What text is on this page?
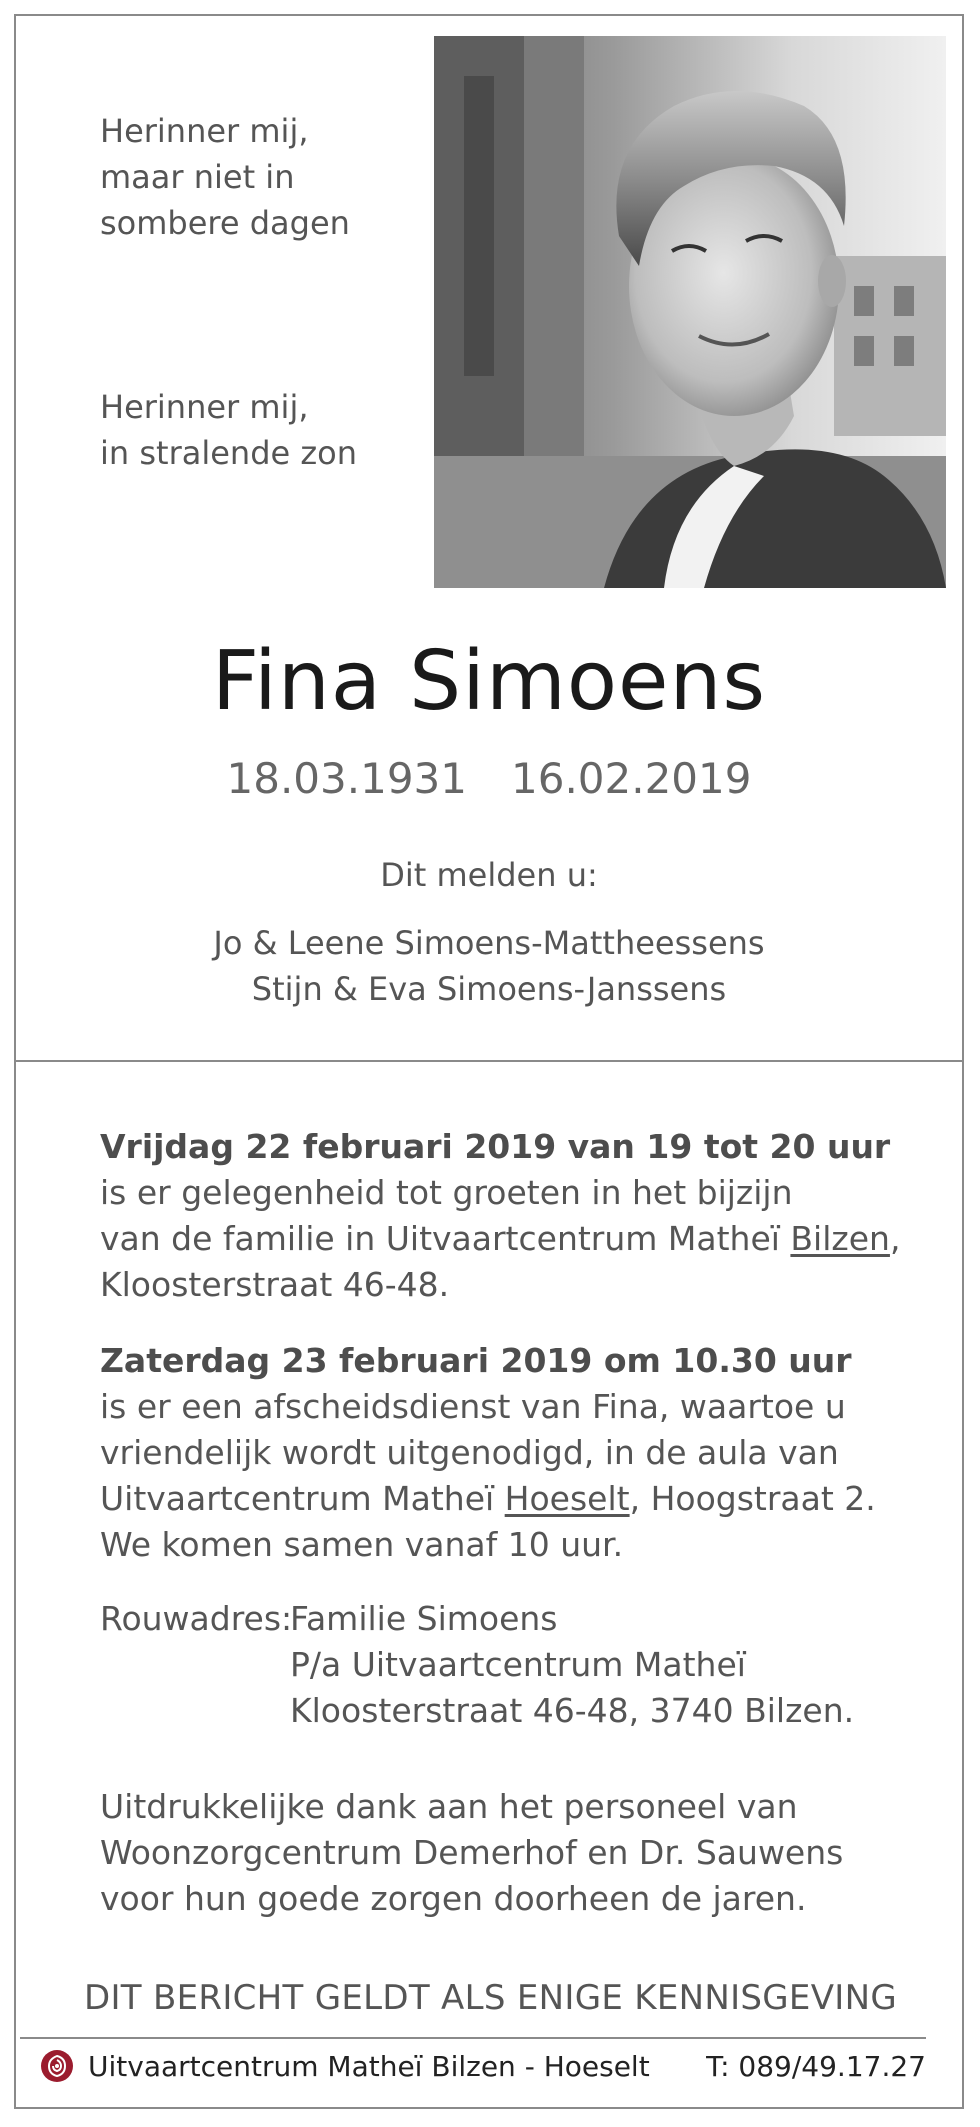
Herinner mij,
maar niet in
sombere dagen
Herinner mij,
in stralende zon
Fina Simoens
18.03.1931 16.02.2019
Dit melden u:
Jo & Leene Simoens-Mattheessens
Stijn & Eva Simoens-Janssens
Vrijdag 22 februari 2019 van 19 tot 20 uur
is er gelegenheid tot groeten in het bijzijn
van de familie in Uitvaartcentrum Matheï Bilzen,
Kloosterstraat 46-48.
Zaterdag 23 februari 2019 om 10.30 uur
is er een afscheidsdienst van Fina, waartoe u
vriendelijk wordt uitgenodigd, in de aula van
Uitvaartcentrum Matheï Hoeselt, Hoogstraat 2.
We komen samen vanaf 10 uur.
Rouwadres:
Familie Simoens
P/a Uitvaartcentrum Matheï
Kloosterstraat 46-48, 3740 Bilzen.
Uitdrukkelijke dank aan het personeel van
Woonzorgcentrum Demerhof en Dr. Sauwens
voor hun goede zorgen doorheen de jaren.
DIT BERICHT GELDT ALS ENIGE KENNISGEVING
Uitvaartcentrum Matheï Bilzen - Hoeselt T: 089/49.17.27
